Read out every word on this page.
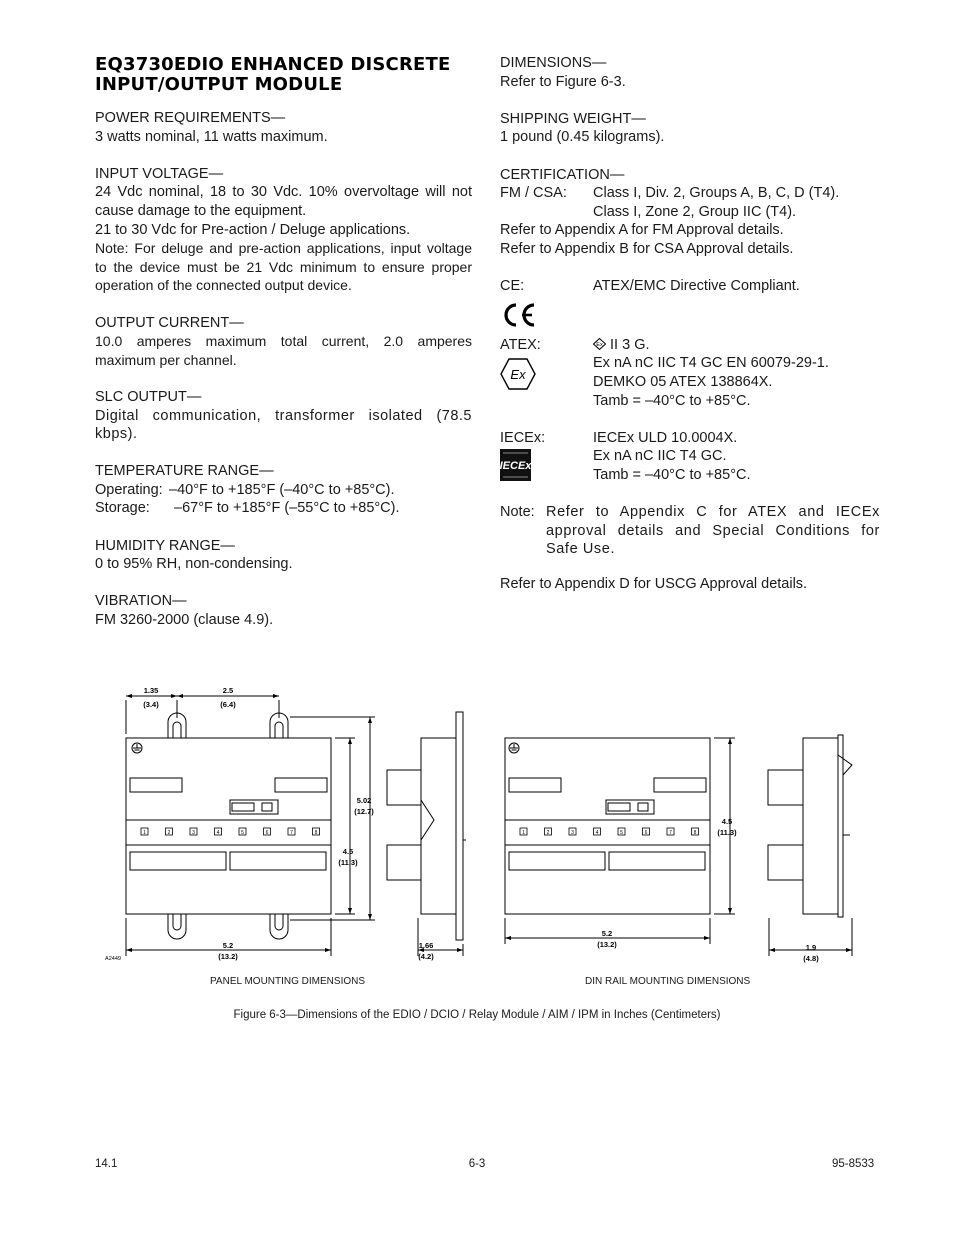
EQ3730EDIO ENHANCED DISCRETE INPUT/OUTPUT MODULE
POWER REQUIREMENTS—
3 watts nominal, 11 watts maximum.
INPUT VOLTAGE—
24 Vdc nominal, 18 to 30 Vdc. 10% overvoltage will not cause damage to the equipment.
21 to 30 Vdc for Pre-action / Deluge applications.
Note: For deluge and pre-action applications, input voltage to the device must be 21 Vdc minimum to ensure proper operation of the connected output device.
OUTPUT CURRENT—
10.0 amperes maximum total current, 2.0 amperes maximum per channel.
SLC OUTPUT—
Digital communication, transformer isolated (78.5 kbps).
TEMPERATURE RANGE—
Operating: –40°F to +185°F (–40°C to +85°C).
Storage:	–67°F to +185°F (–55°C to +85°C).
HUMIDITY RANGE—
0 to 95% RH, non-condensing.
VIBRATION—
FM 3260-2000 (clause 4.9).
DIMENSIONS—
Refer to Figure 6-3.
SHIPPING WEIGHT—
1 pound (0.45 kilograms).
CERTIFICATION—
FM / CSA:	Class I, Div. 2, Groups A, B, C, D (T4).
Class I, Zone 2, Group IIC (T4).
Refer to Appendix A for FM Approval details.
Refer to Appendix B for CSA Approval details.
CE:	ATEX/EMC Directive Compliant.
ATEX:	Ex II 3 G.
Ex
Ex nA nC IIC T4 GC EN 60079-29-1.
DEMKO 05 ATEX 138864X.
Tamb = –40°C to +85°C.
IECEx:	IECEx ULD 10.0004X.
IECEx
Ex nA nC IIC T4 GC.
Tamb = –40°C to +85°C.
Note: Refer to Appendix C for ATEX and IECEx approval details and Special Conditions for Safe Use.
Refer to Appendix D for USCG Approval details.
1	2	3	4	5	6	7	8	1	2	3	4	5	6	7	8
1.35
(3.4)
2.5
(6.4)
5.02
(12.7)
4.5
(11.3)
5.2
(13.2)
1.66
(4.2)
4.5
(11.3)
5.2
(13.2)	1.9
(4.8)
A2449
PANEL MOUNTING DIMENSIONS	DIN RAIL MOUNTING DIMENSIONS
Figure 6-3—Dimensions of the EDIO / DCIO / Relay Module / AIM / IPM in Inches (Centimeters)
14.1	6-3	95-8533
